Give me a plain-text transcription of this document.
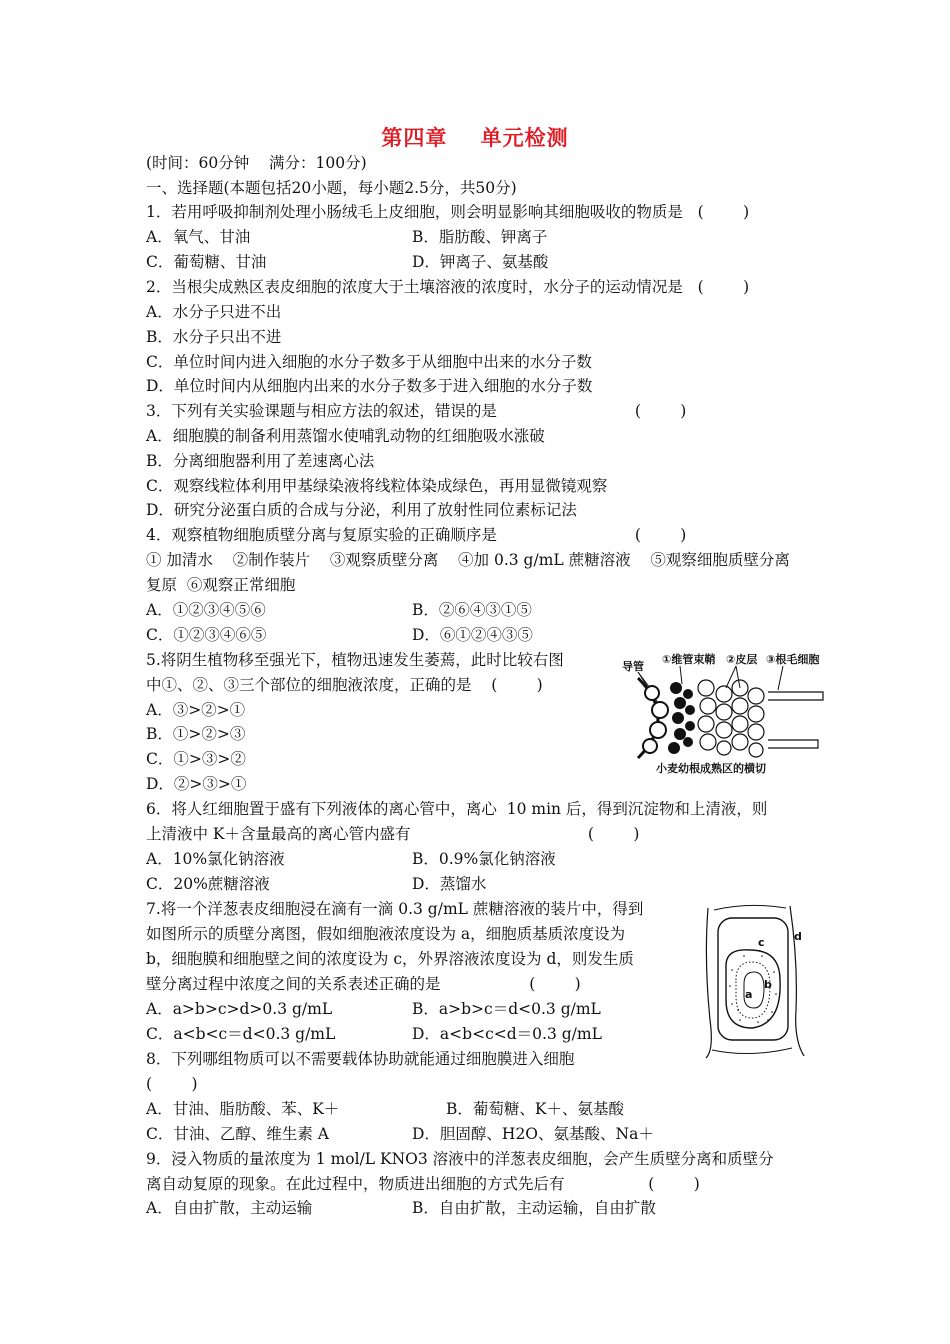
第四章    单元检测
(时间：60分钟    满分：100分)
一、选择题(本题包括20小题，每小题2.5分，共50分)
1．若用呼吸抑制剂处理小肠绒毛上皮细胞，则会明显影响其细胞吸收的物质是   (        )
A．氧气、甘油	B．脂肪酸、钾离子
C．葡萄糖、甘油	D．钾离子、氨基酸
2．当根尖成熟区表皮细胞的浓度大于土壤溶液的浓度时，水分子的运动情况是   (        )
A．水分子只进不出
B．水分子只出不进
C．单位时间内进入细胞的水分子数多于从细胞中出来的水分子数
D．单位时间内从细胞内出来的水分子数多于进入细胞的水分子数
3．下列有关实验课题与相应方法的叙述，错误的是                            (        )
A．细胞膜的制备利用蒸馏水使哺乳动物的红细胞吸水涨破
B．分离细胞器利用了差速离心法
C．观察线粒体利用甲基绿染液将线粒体染成绿色，再用显微镜观察
D．研究分泌蛋白质的合成与分泌，利用了放射性同位素标记法
4．观察植物细胞质壁分离与复原实验的正确顺序是                            (        )
① 加清水    ②制作装片    ③观察质壁分离    ④加 0.3 g/mL 蔗糖溶液    ⑤观察细胞质壁分离
复原  ⑥观察正常细胞
A．①②③④⑤⑥	B．②⑥④③①⑤
C．①②③④⑥⑤	D．⑥①②④③⑤
5.将阴生植物移至强光下，植物迅速发生萎蔫，此时比较右图
中①、②、③三个部位的细胞液浓度，正确的是    (        )
A．③>②>①
B．①>②>③
C．①>③>②
D．②>③>①
导管
①维管束鞘 ②皮层 ③根毛细胞
小麦幼根成熟区的横切
6．将人红细胞置于盛有下列液体的离心管中，离心  10 min 后，得到沉淀物和上清液，则
上清液中 K＋含量最高的离心管内盛有                                    (        )
A．10%氯化钠溶液	B．0.9%氯化钠溶液
C．20%蔗糖溶液	D．蒸馏水
7.将一个洋葱表皮细胞浸在滴有一滴 0.3 g/mL 蔗糖溶液的装片中，得到
如图所示的质壁分离图，假如细胞液浓度设为 a，细胞质基质浓度设为
b，细胞膜和细胞壁之间的浓度设为 c，外界溶液浓度设为 d，则发生质
壁分离过程中浓度之间的关系表述正确的是                  (        )
A．a>b>c>d>0.3 g/mL	B．a>b>c＝d<0.3 g/mL
C．a<b<c＝d<0.3 g/mL	D．a<b<c<d＝0.3 g/mL
a
b
c	d
8．下列哪组物质可以不需要载体协助就能通过细胞膜进入细胞
(        )
A．甘油、脂肪酸、苯、K＋	B．葡萄糖、K＋、氨基酸
C．甘油、乙醇、维生素 A	D．胆固醇、H2O、氨基酸、Na＋
9．浸入物质的量浓度为 1 mol/L KNO3 溶液中的洋葱表皮细胞，会产生质壁分离和质壁分
离自动复原的现象。在此过程中，物质进出细胞的方式先后有                 (        )
A．自由扩散，主动运输	B．自由扩散，主动运输，自由扩散
